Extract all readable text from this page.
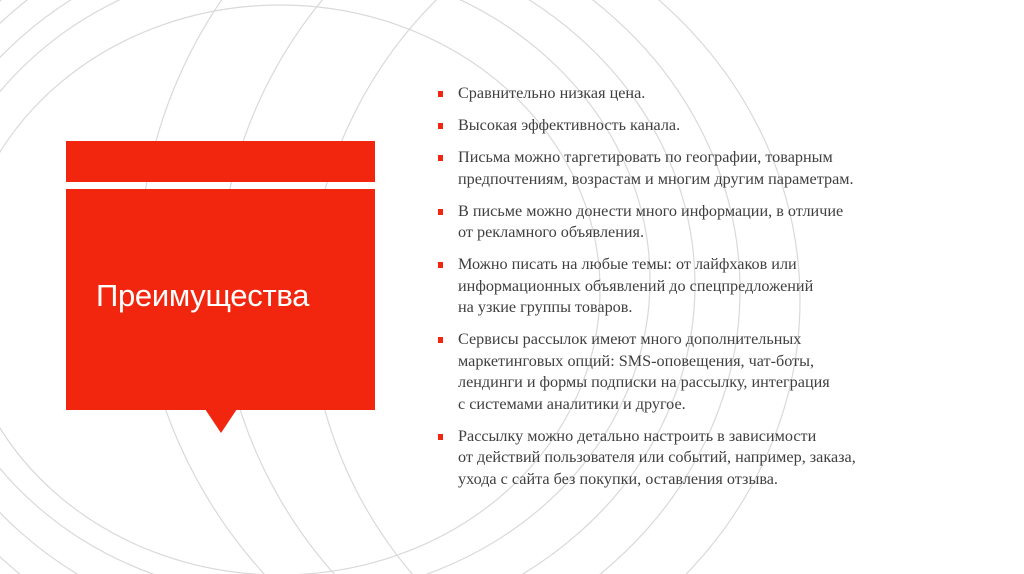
Преимущества
Сравнительно низкая цена.
Высокая эффективность канала.
Письма можно таргетировать по географии, товарным
предпочтениям, возрастам и многим другим параметрам.
В письме можно донести много информации, в отличие
от рекламного объявления.
Можно писать на любые темы: от лайфхаков или
информационных объявлений до спецпредложений
на узкие группы товаров.
Сервисы рассылок имеют много дополнительных
маркетинговых опций: SMS-оповещения, чат-боты,
лендинги и формы подписки на рассылку, интеграция
с системами аналитики и другое.
Рассылку можно детально настроить в зависимости
от действий пользователя или событий, например, заказа,
ухода с сайта без покупки, оставления отзыва.
